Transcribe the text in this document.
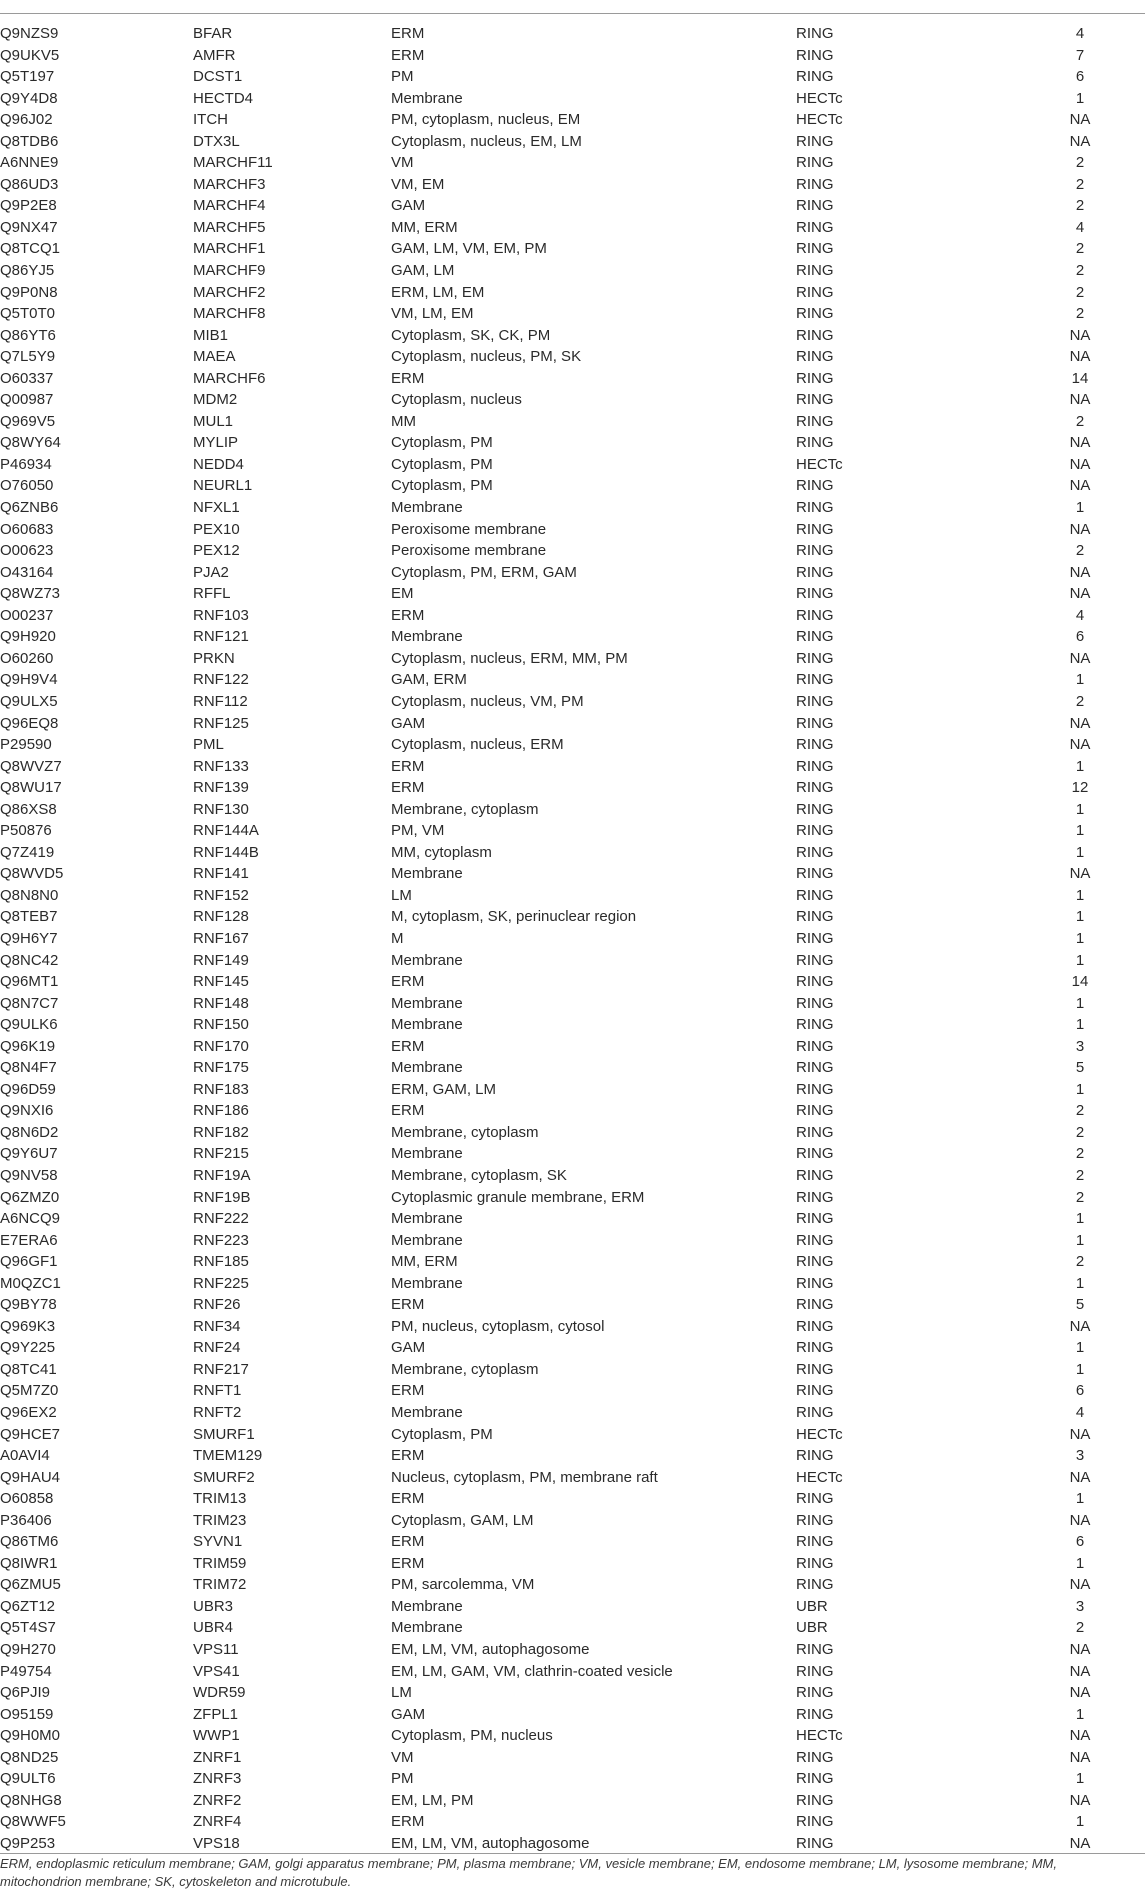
Q9NZS9	BFAR	ERM	RING	4
Q9UKV5	AMFR	ERM	RING	7
Q5T197	DCST1	PM	RING	6
Q9Y4D8	HECTD4	Membrane	HECTc	1
Q96J02	ITCH	PM, cytoplasm, nucleus, EM	HECTc	NA
Q8TDB6	DTX3L	Cytoplasm, nucleus, EM, LM	RING	NA
A6NNE9	MARCHF11	VM	RING	2
Q86UD3	MARCHF3	VM, EM	RING	2
Q9P2E8	MARCHF4	GAM	RING	2
Q9NX47	MARCHF5	MM, ERM	RING	4
Q8TCQ1	MARCHF1	GAM, LM, VM, EM, PM	RING	2
Q86YJ5	MARCHF9	GAM, LM	RING	2
Q9P0N8	MARCHF2	ERM, LM, EM	RING	2
Q5T0T0	MARCHF8	VM, LM, EM	RING	2
Q86YT6	MIB1	Cytoplasm, SK, CK, PM	RING	NA
Q7L5Y9	MAEA	Cytoplasm, nucleus, PM, SK	RING	NA
O60337	MARCHF6	ERM	RING	14
Q00987	MDM2	Cytoplasm, nucleus	RING	NA
Q969V5	MUL1	MM	RING	2
Q8WY64	MYLIP	Cytoplasm, PM	RING	NA
P46934	NEDD4	Cytoplasm, PM	HECTc	NA
O76050	NEURL1	Cytoplasm, PM	RING	NA
Q6ZNB6	NFXL1	Membrane	RING	1
O60683	PEX10	Peroxisome membrane	RING	NA
O00623	PEX12	Peroxisome membrane	RING	2
O43164	PJA2	Cytoplasm, PM, ERM, GAM	RING	NA
Q8WZ73	RFFL	EM	RING	NA
O00237	RNF103	ERM	RING	4
Q9H920	RNF121	Membrane	RING	6
O60260	PRKN	Cytoplasm, nucleus, ERM, MM, PM	RING	NA
Q9H9V4	RNF122	GAM, ERM	RING	1
Q9ULX5	RNF112	Cytoplasm, nucleus, VM, PM	RING	2
Q96EQ8	RNF125	GAM	RING	NA
P29590	PML	Cytoplasm, nucleus, ERM	RING	NA
Q8WVZ7	RNF133	ERM	RING	1
Q8WU17	RNF139	ERM	RING	12
Q86XS8	RNF130	Membrane, cytoplasm	RING	1
P50876	RNF144A	PM, VM	RING	1
Q7Z419	RNF144B	MM, cytoplasm	RING	1
Q8WVD5	RNF141	Membrane	RING	NA
Q8N8N0	RNF152	LM	RING	1
Q8TEB7	RNF128	M, cytoplasm, SK, perinuclear region	RING	1
Q9H6Y7	RNF167	M	RING	1
Q8NC42	RNF149	Membrane	RING	1
Q96MT1	RNF145	ERM	RING	14
Q8N7C7	RNF148	Membrane	RING	1
Q9ULK6	RNF150	Membrane	RING	1
Q96K19	RNF170	ERM	RING	3
Q8N4F7	RNF175	Membrane	RING	5
Q96D59	RNF183	ERM, GAM, LM	RING	1
Q9NXI6	RNF186	ERM	RING	2
Q8N6D2	RNF182	Membrane, cytoplasm	RING	2
Q9Y6U7	RNF215	Membrane	RING	2
Q9NV58	RNF19A	Membrane, cytoplasm, SK	RING	2
Q6ZMZ0	RNF19B	Cytoplasmic granule membrane, ERM	RING	2
A6NCQ9	RNF222	Membrane	RING	1
E7ERA6	RNF223	Membrane	RING	1
Q96GF1	RNF185	MM, ERM	RING	2
M0QZC1	RNF225	Membrane	RING	1
Q9BY78	RNF26	ERM	RING	5
Q969K3	RNF34	PM, nucleus, cytoplasm, cytosol	RING	NA
Q9Y225	RNF24	GAM	RING	1
Q8TC41	RNF217	Membrane, cytoplasm	RING	1
Q5M7Z0	RNFT1	ERM	RING	6
Q96EX2	RNFT2	Membrane	RING	4
Q9HCE7	SMURF1	Cytoplasm, PM	HECTc	NA
A0AVI4	TMEM129	ERM	RING	3
Q9HAU4	SMURF2	Nucleus, cytoplasm, PM, membrane raft	HECTc	NA
O60858	TRIM13	ERM	RING	1
P36406	TRIM23	Cytoplasm, GAM, LM	RING	NA
Q86TM6	SYVN1	ERM	RING	6
Q8IWR1	TRIM59	ERM	RING	1
Q6ZMU5	TRIM72	PM, sarcolemma, VM	RING	NA
Q6ZT12	UBR3	Membrane	UBR	3
Q5T4S7	UBR4	Membrane	UBR	2
Q9H270	VPS11	EM, LM, VM, autophagosome	RING	NA
P49754	VPS41	EM, LM, GAM, VM, clathrin-coated vesicle	RING	NA
Q6PJI9	WDR59	LM	RING	NA
O95159	ZFPL1	GAM	RING	1
Q9H0M0	WWP1	Cytoplasm, PM, nucleus	HECTc	NA
Q8ND25	ZNRF1	VM	RING	NA
Q9ULT6	ZNRF3	PM	RING	1
Q8NHG8	ZNRF2	EM, LM, PM	RING	NA
Q8WWF5	ZNRF4	ERM	RING	1
Q9P253	VPS18	EM, LM, VM, autophagosome	RING	NA
ERM, endoplasmic reticulum membrane; GAM, golgi apparatus membrane; PM, plasma membrane; VM, vesicle membrane; EM, endosome membrane; LM, lysosome membrane; MM,
mitochondrion membrane; SK, cytoskeleton and microtubule.
